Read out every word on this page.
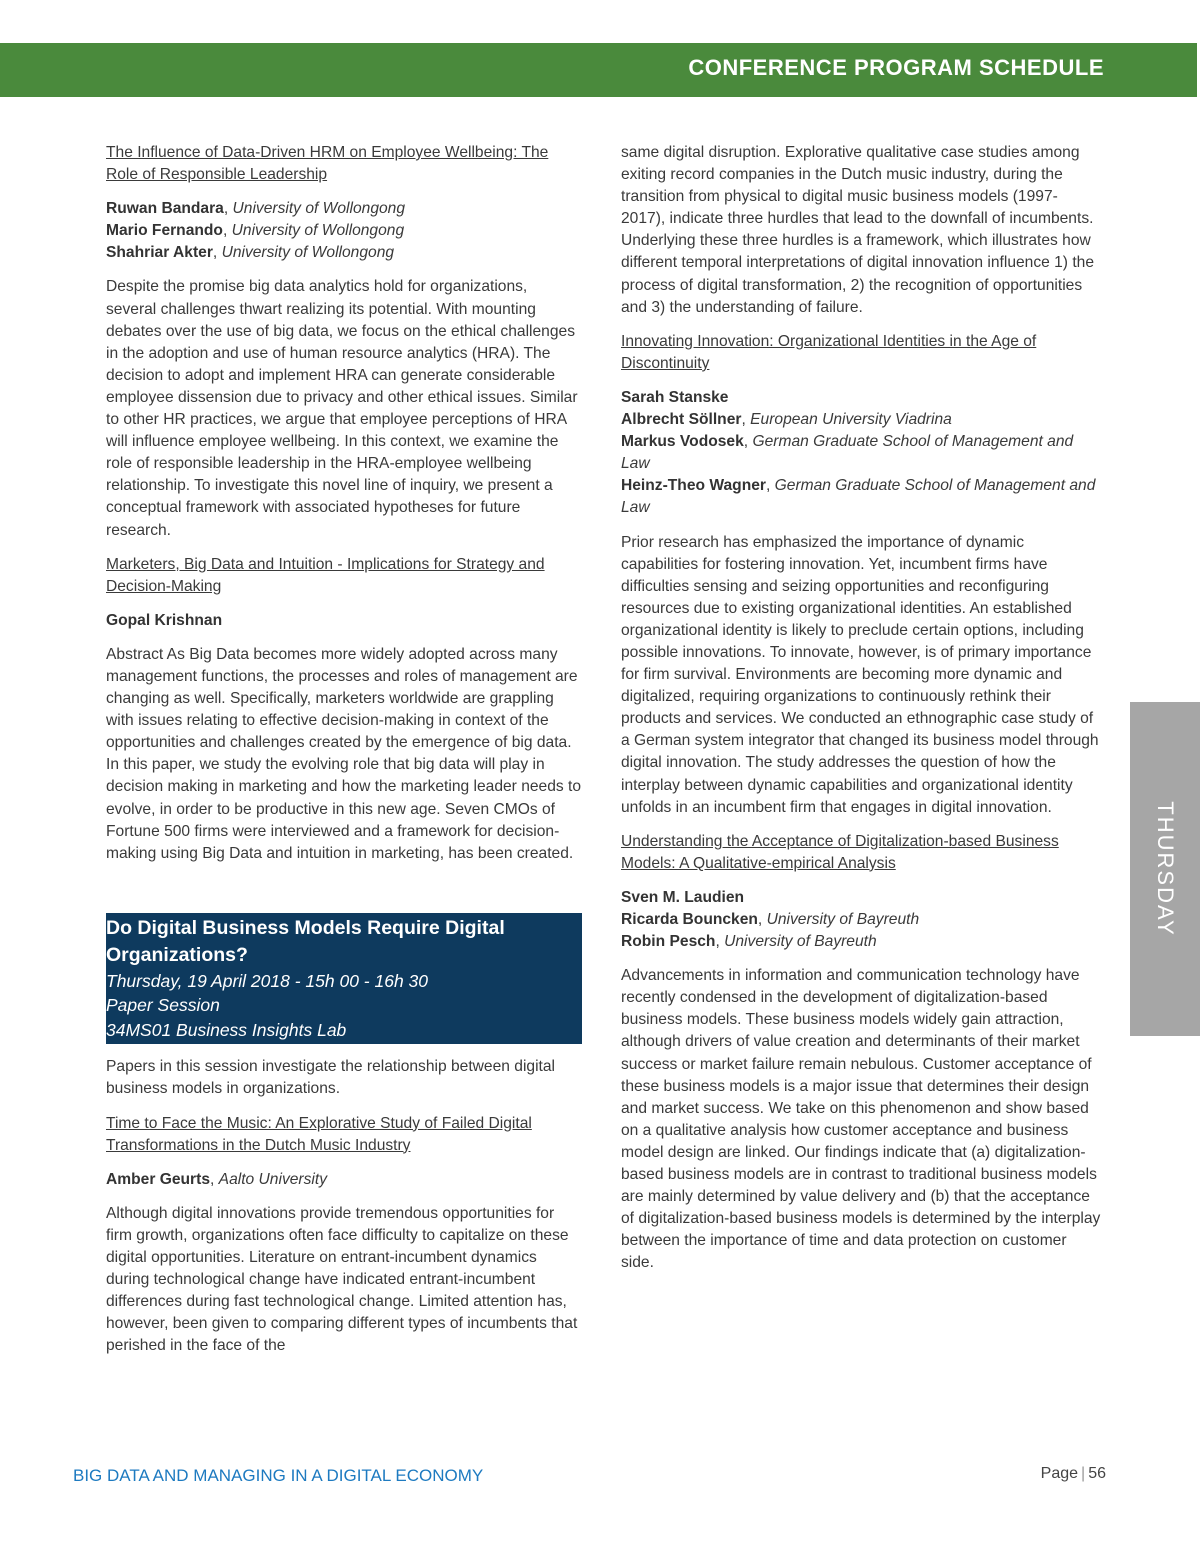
CONFERENCE PROGRAM SCHEDULE
The Influence of Data-Driven HRM on Employee Wellbeing: The Role of Responsible Leadership
Ruwan Bandara, University of Wollongong
Mario Fernando, University of Wollongong
Shahriar Akter, University of Wollongong
Despite the promise big data analytics hold for organizations, several challenges thwart realizing its potential. With mounting debates over the use of big data, we focus on the ethical challenges in the adoption and use of human resource analytics (HRA). The decision to adopt and implement HRA can generate considerable employee dissension due to privacy and other ethical issues. Similar to other HR practices, we argue that employee perceptions of HRA will influence employee wellbeing. In this context, we examine the role of responsible leadership in the HRA-employee wellbeing relationship. To investigate this novel line of inquiry, we present a conceptual framework with associated hypotheses for future research.
Marketers, Big Data and Intuition - Implications for Strategy and Decision-Making
Gopal Krishnan
Abstract As Big Data becomes more widely adopted across many management functions, the processes and roles of management are changing as well. Specifically, marketers worldwide are grappling with issues relating to effective decision-making in context of the opportunities and challenges created by the emergence of big data. In this paper, we study the evolving role that big data will play in decision making in marketing and how the marketing leader needs to evolve, in order to be productive in this new age. Seven CMOs of Fortune 500 firms were interviewed and a framework for decision-making using Big Data and intuition in marketing, has been created.
Do Digital Business Models Require Digital Organizations?
Thursday, 19 April 2018 - 15h 00 - 16h 30
Paper Session
34MS01 Business Insights Lab
Papers in this session investigate the relationship between digital business models in organizations.
Time to Face the Music: An Explorative Study of Failed Digital Transformations in the Dutch Music Industry
Amber Geurts, Aalto University
Although digital innovations provide tremendous opportunities for firm growth, organizations often face difficulty to capitalize on these digital opportunities. Literature on entrant-incumbent dynamics during technological change have indicated entrant-incumbent differences during fast technological change. Limited attention has, however, been given to comparing different types of incumbents that perished in the face of the
same digital disruption. Explorative qualitative case studies among exiting record companies in the Dutch music industry, during the transition from physical to digital music business models (1997-2017), indicate three hurdles that lead to the downfall of incumbents. Underlying these three hurdles is a framework, which illustrates how different temporal interpretations of digital innovation influence 1) the process of digital transformation, 2) the recognition of opportunities and 3) the understanding of failure.
Innovating Innovation: Organizational Identities in the Age of Discontinuity
Sarah Stanske
Albrecht Söllner, European University Viadrina
Markus Vodosek, German Graduate School of Management and Law
Heinz-Theo Wagner, German Graduate School of Management and Law
Prior research has emphasized the importance of dynamic capabilities for fostering innovation. Yet, incumbent firms have difficulties sensing and seizing opportunities and reconfiguring resources due to existing organizational identities. An established organizational identity is likely to preclude certain options, including possible innovations. To innovate, however, is of primary importance for firm survival. Environments are becoming more dynamic and digitalized, requiring organizations to continuously rethink their products and services. We conducted an ethnographic case study of a German system integrator that changed its business model through digital innovation. The study addresses the question of how the interplay between dynamic capabilities and organizational identity unfolds in an incumbent firm that engages in digital innovation.
Understanding the Acceptance of Digitalization-based Business Models: A Qualitative-empirical Analysis
Sven M. Laudien
Ricarda Bouncken, University of Bayreuth
Robin Pesch, University of Bayreuth
Advancements in information and communication technology have recently condensed in the development of digitalization-based business models. These business models widely gain attraction, although drivers of value creation and determinants of their market success or market failure remain nebulous. Customer acceptance of these business models is a major issue that determines their design and market success. We take on this phenomenon and show based on a qualitative analysis how customer acceptance and business model design are linked. Our findings indicate that (a) digitalization-based business models are in contrast to traditional business models are mainly determined by value delivery and (b) that the acceptance of digitalization-based business models is determined by the interplay between the importance of time and data protection on customer side.
THURSDAY
BIG DATA AND MANAGING IN A DIGITAL ECONOMY	Page | 56
